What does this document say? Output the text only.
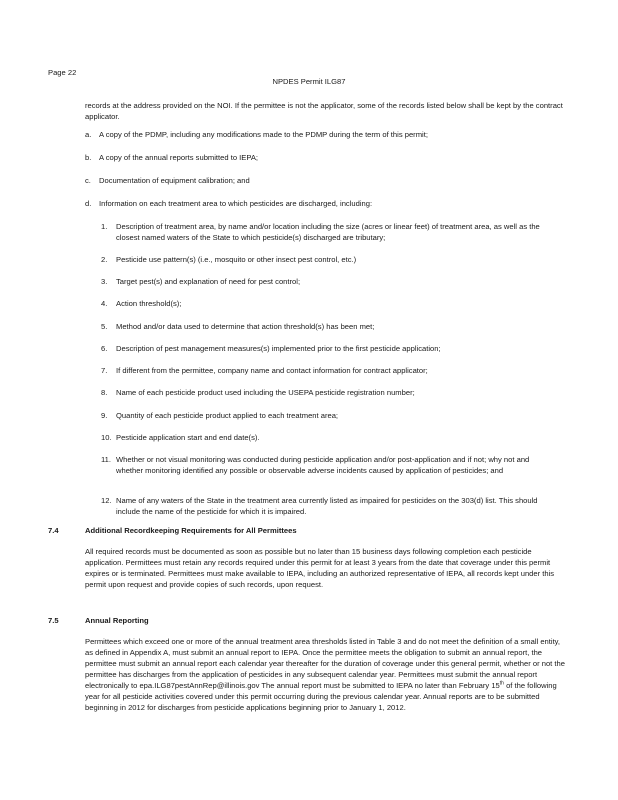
Page 22

NPDES Permit ILG87

records at the address provided on the NOI. If the permittee is not the applicator, some of the records listed below shall be kept by the contract applicator.

a. A copy of the PDMP, including any modifications made to the PDMP during the term of this permit;
b. A copy of the annual reports submitted to IEPA;
c. Documentation of equipment calibration; and
d. Information on each treatment area to which pesticides are discharged, including:
1.	Description of treatment area, by name and/or location including the size (acres or linear feet) of treatment area, as well as the closest named waters of the State to which pesticide(s) discharged are tributary;
2.	Pesticide use pattern(s) (i.e., mosquito or other insect pest control, etc.)
3.	Target pest(s) and explanation of need for pest control;
4.	Action threshold(s);
5.	Method and/or data used to determine that action threshold(s) has been met;
6.	Description of pest management measures(s) implemented prior to the first pesticide application;
7.	If different from the permittee, company name and contact information for contract applicator;
8.	Name of each pesticide product used including the USEPA pesticide registration number;
9.	Quantity of each pesticide product applied to each treatment area;
10. Pesticide application start and end date(s).
11. Whether or not visual monitoring was conducted during pesticide application and/or post-application and if not; why not and whether monitoring identified any possible or observable adverse incidents caused by application of pesticides; and
12. Name of any waters of the State in the treatment area currently listed as impaired for pesticides on the 303(d) list. This should include the name of the pesticide for which it is impaired.

7.4	Additional Recordkeeping Requirements for All Permittees

All required records must be documented as soon as possible but no later than 15 business days following completion each pesticide application. Permittees must retain any records required under this permit for at least 3 years from the date that coverage under this permit expires or is terminated. Permittees must make available to IEPA, including an authorized representative of IEPA, all records kept under this permit upon request and provide copies of such records, upon request.

7.5	Annual Reporting

Permittees which exceed one or more of the annual treatment area thresholds listed in Table 3 and do not meet the definition of a small entity, as defined in Appendix A, must submit an annual report to IEPA. Once the permittee meets the obligation to submit an annual report, the permittee must submit an annual report each calendar year thereafter for the duration of coverage under this general permit, whether or not the permittee has discharges from the application of pesticides in any subsequent calendar year. Permittees must submit the annual report electronically to epa.ILG87pestAnnRep@illinois.gov The annual report must be submitted to IEPA no later than February 15th of the following year for all pesticide activities covered under this permit occurring during the previous calendar year. Annual reports are to be submitted beginning in 2012 for discharges from pesticide applications beginning prior to January 1, 2012.
